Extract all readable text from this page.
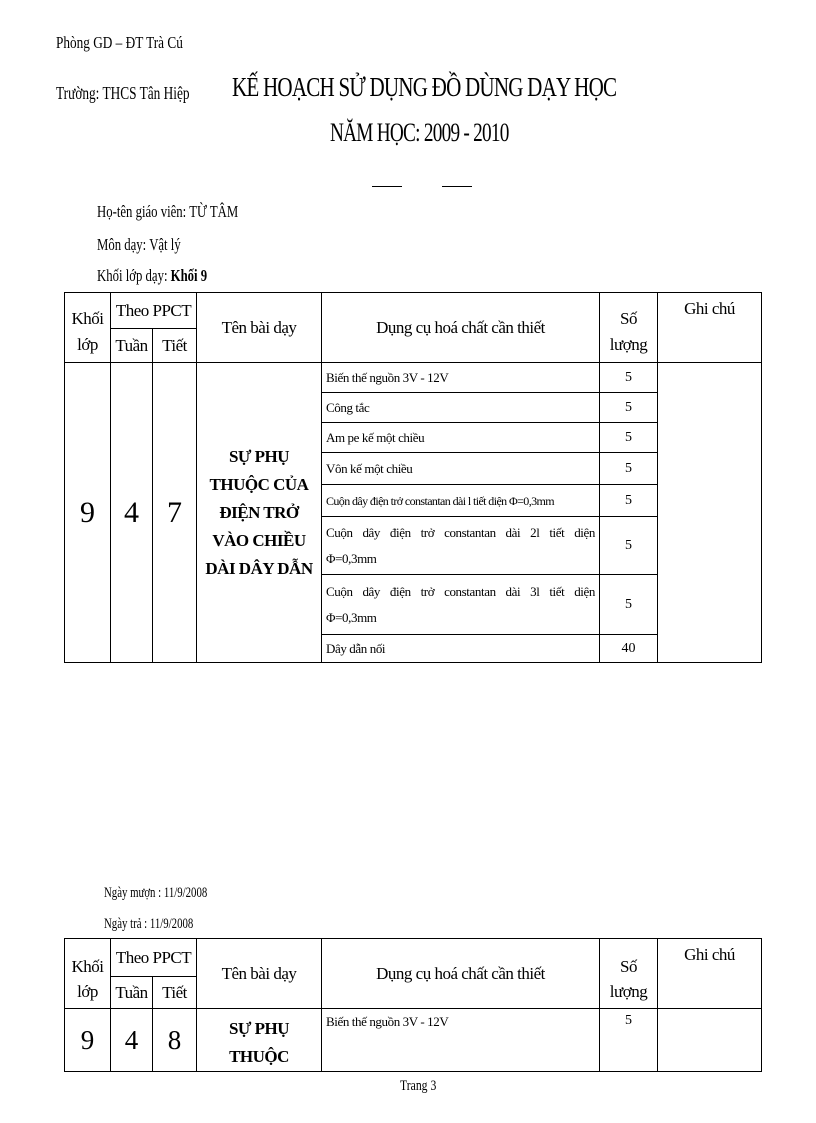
Phòng GD – ĐT Trà Cú
Trường: THCS Tân Hiệp	KẾ HOẠCH SỬ DỤNG ĐỒ DÙNG DẠY HỌC
NĂM HỌC: 2009 - 2010
Họ-tên giáo viên: TỪ TÂM
Môn dạy: Vật lý
Khối lớp dạy: Khối 9
Khối	Theo PPCT		Tên bài dạy	Dụng cụ hoá chất cần thiết	Số	Ghi chú
lớp	Tuần	Tiết			lượng	
9	4	7	SỰ PHỤ THUỘC CỦA ĐIỆN TRỞ VÀO CHIỀU DÀI DÂY DẪN	Biến thế nguồn 3V - 12V	5	
				Công tắc	5	
				Am pe kế một chiều	5	
				Vôn kế một chiều	5	
				Cuộn dây điện trở constantan dài l tiết diện Φ=0,3mm	5	
				Cuộn dây điện trở constantan dài 2l tiết diện Φ=0,3mm	5	
				Cuộn dây điện trở constantan dài 3l tiết diện Φ=0,3mm	5	
				Dây dẫn nối	40	
Ngày mượn : 11/9/2008
Ngày trả : 11/9/2008
Khối	Theo PPCT		Tên bài dạy	Dụng cụ hoá chất cần thiết	Số	Ghi chú
lớp	Tuần	Tiết			lượng	
9	4	8	SỰ PHỤ THUỘC	Biến thế nguồn 3V - 12V	5	
Trang 3
